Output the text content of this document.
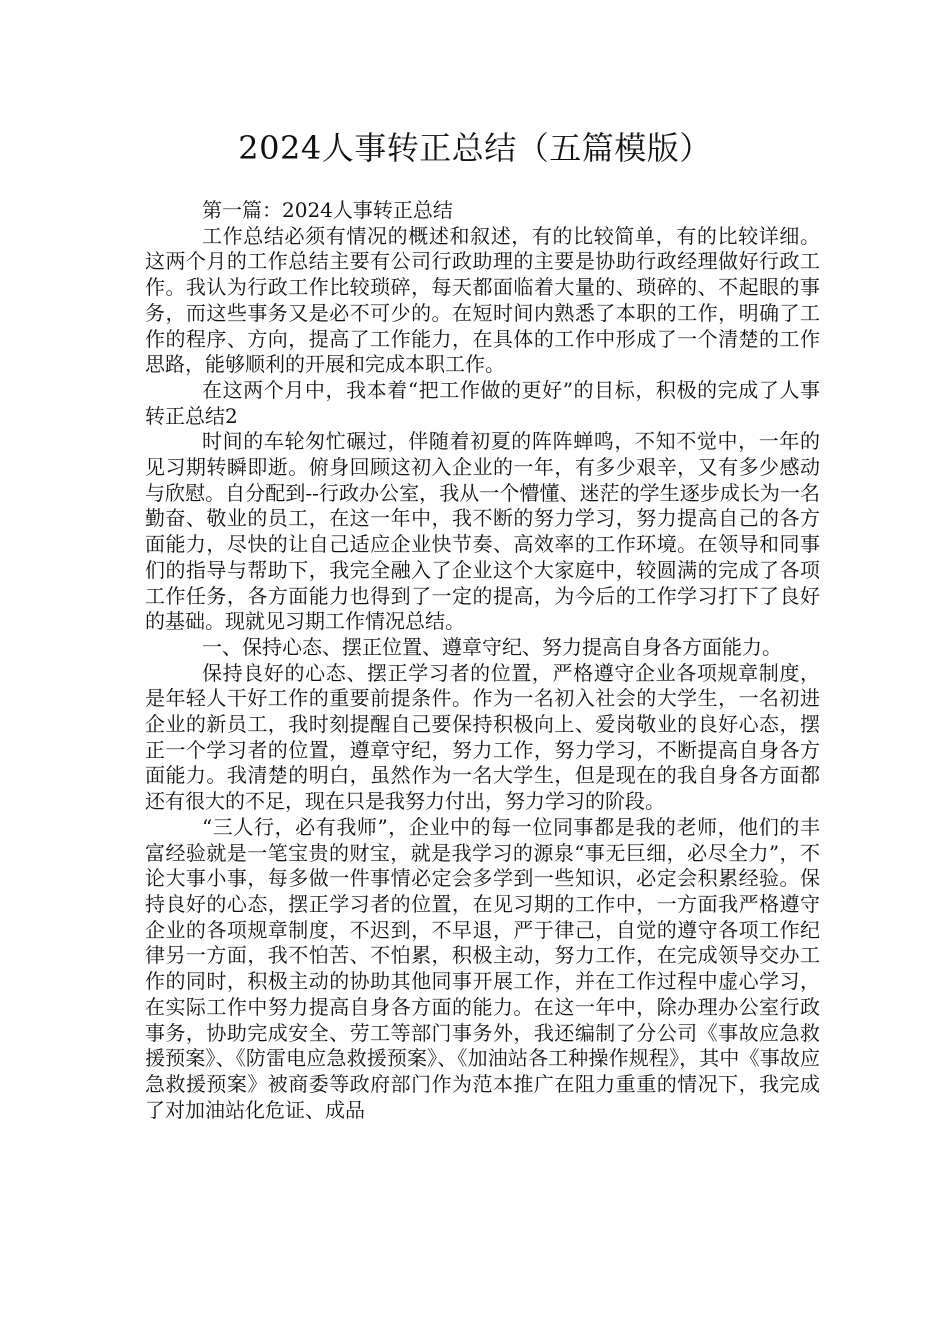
2024人事转正总结（五篇模版）

第一篇：2024人事转正总结

工作总结必须有情况的概述和叙述，有的比较简单，有的比较详细。这两个月的工作总结主要有公司行政助理的主要是协助行政经理做好行政工作。我认为行政工作比较琐碎，每天都面临着大量的、琐碎的、不起眼的事务，而这些事务又是必不可少的。在短时间内熟悉了本职的工作，明确了工作的程序、方向，提高了工作能力，在具体的工作中形成了一个清楚的工作思路，能够顺利的开展和完成本职工作。

在这两个月中，我本着“把工作做的更好”的目标，积极的完成了人事转正总结2

时间的车轮匆忙碾过，伴随着初夏的阵阵蝉鸣，不知不觉中，一年的见习期转瞬即逝。俯身回顾这初入企业的一年，有多少艰辛，又有多少感动与欣慰。自分配到--行政办公室，我从一个懵懂、迷茫的学生逐步成长为一名勤奋、敬业的员工，在这一年中，我不断的努力学习，努力提高自己的各方面能力，尽快的让自己适应企业快节奏、高效率的工作环境。在领导和同事们的指导与帮助下，我完全融入了企业这个大家庭中，较圆满的完成了各项工作任务，各方面能力也得到了一定的提高，为今后的工作学习打下了良好的基础。现就见习期工作情况总结。

一、保持心态、摆正位置、遵章守纪、努力提高自身各方面能力。

保持良好的心态、摆正学习者的位置，严格遵守企业各项规章制度，是年轻人干好工作的重要前提条件。作为一名初入社会的大学生，一名初进企业的新员工，我时刻提醒自己要保持积极向上、爱岗敬业的良好心态，摆正一个学习者的位置，遵章守纪，努力工作，努力学习，不断提高自身各方面能力。我清楚的明白，虽然作为一名大学生，但是现在的我自身各方面都还有很大的不足，现在只是我努力付出，努力学习的阶段。

“三人行，必有我师”，企业中的每一位同事都是我的老师，他们的丰富经验就是一笔宝贵的财宝，就是我学习的源泉“事无巨细，必尽全力”，不论大事小事，每多做一件事情必定会多学到一些知识，必定会积累经验。保持良好的心态，摆正学习者的位置，在见习期的工作中，一方面我严格遵守企业的各项规章制度，不迟到，不早退，严于律己，自觉的遵守各项工作纪律另一方面，我不怕苦、不怕累，积极主动，努力工作，在完成领导交办工作的同时，积极主动的协助其他同事开展工作，并在工作过程中虚心学习，在实际工作中努力提高自身各方面的能力。在这一年中，除办理办公室行政事务，协助完成安全、劳工等部门事务外，我还编制了分公司《事故应急救援预案》、《防雷电应急救援预案》、《加油站各工种操作规程》，其中《事故应急救援预案》被商委等政府部门作为范本推广在阻力重重的情况下，我完成了对加油站化危证、成品
